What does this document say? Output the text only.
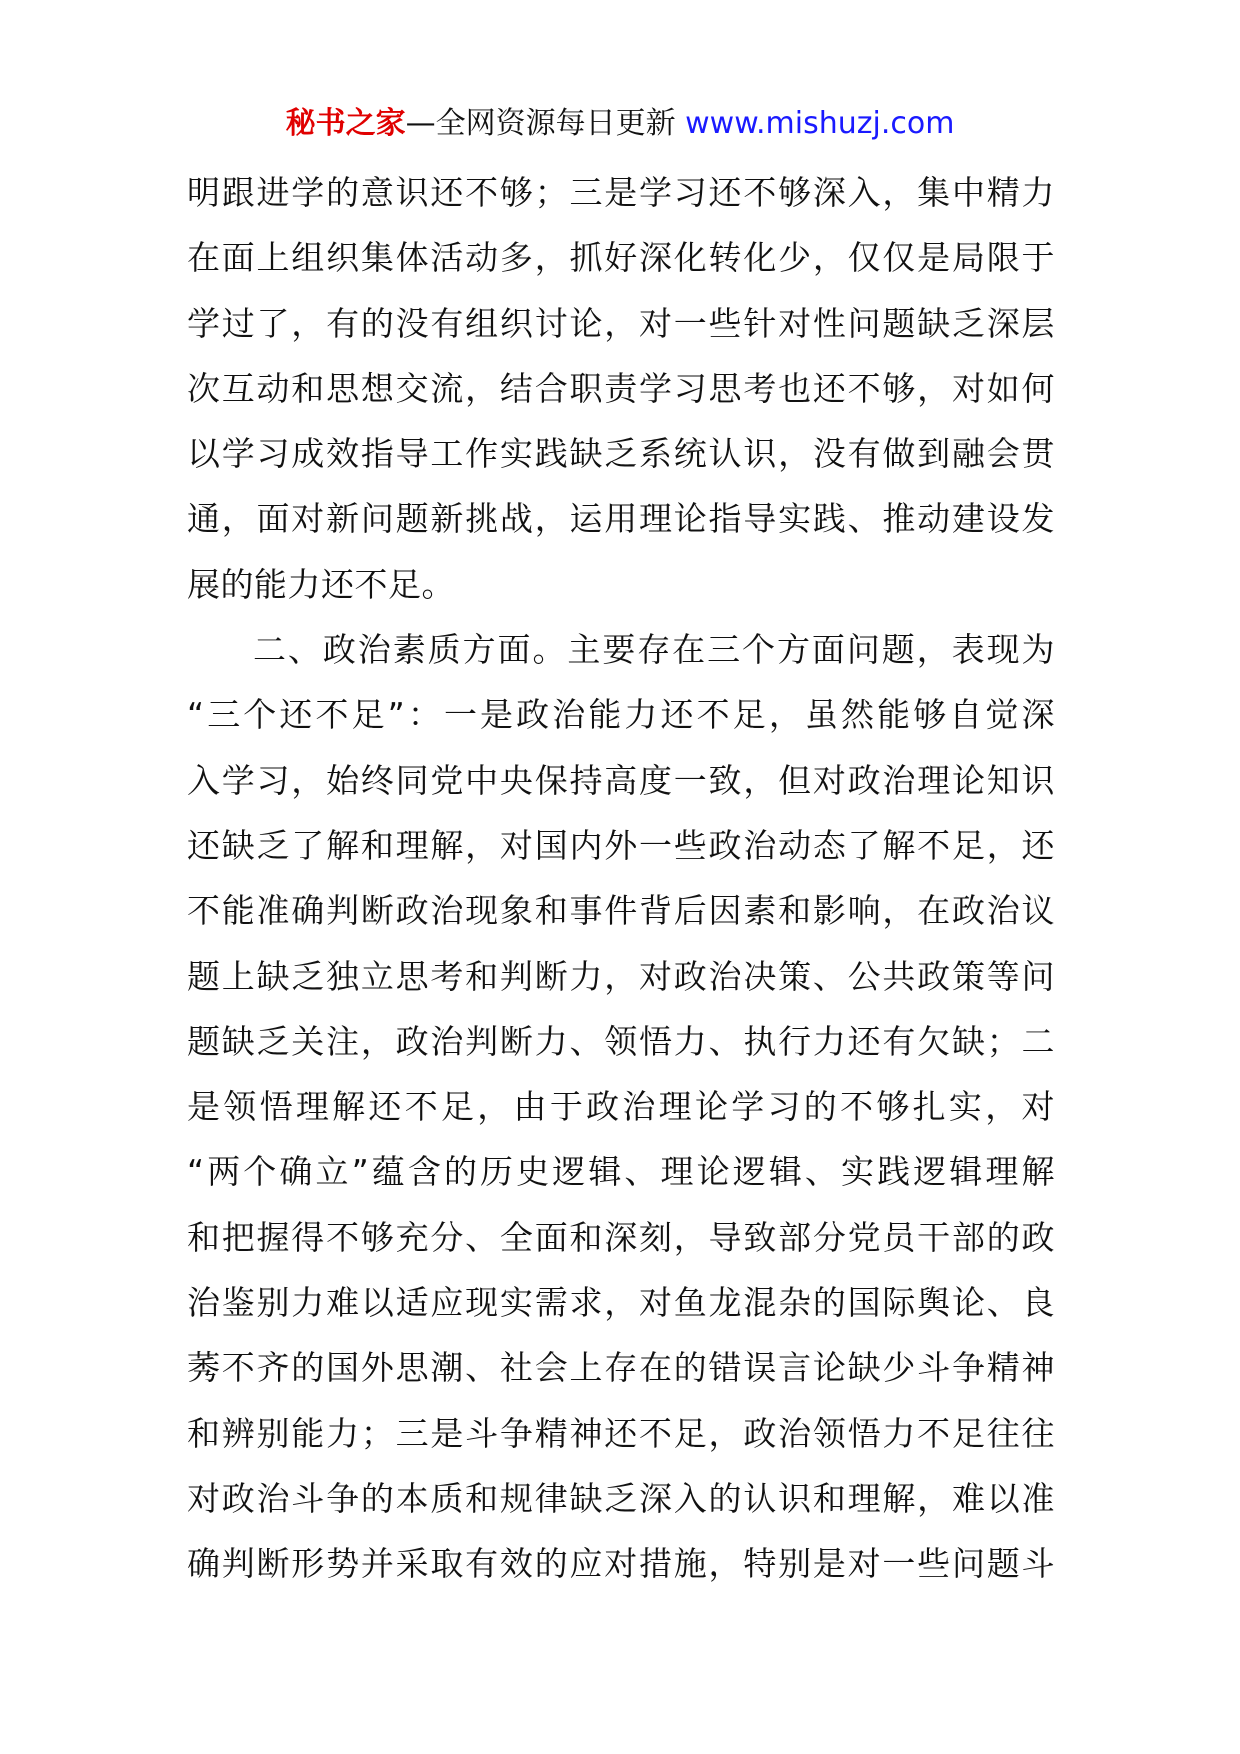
秘书之家—全网资源每日更新 www.mishuzj.com
明跟进学的意识还不够；三是学习还不够深入，集中精力
在面上组织集体活动多，抓好深化转化少，仅仅是局限于
学过了，有的没有组织讨论，对一些针对性问题缺乏深层
次互动和思想交流，结合职责学习思考也还不够，对如何
以学习成效指导工作实践缺乏系统认识，没有做到融会贯
通，面对新问题新挑战，运用理论指导实践、推动建设发
展的能力还不足。
二、政治素质方面。主要存在三个方面问题，表现为
“三个还不足”：一是政治能力还不足，虽然能够自觉深
入学习，始终同党中央保持高度一致，但对政治理论知识
还缺乏了解和理解，对国内外一些政治动态了解不足，还
不能准确判断政治现象和事件背后因素和影响，在政治议
题上缺乏独立思考和判断力，对政治决策、公共政策等问
题缺乏关注，政治判断力、领悟力、执行力还有欠缺；二
是领悟理解还不足，由于政治理论学习的不够扎实，对
“两个确立”蕴含的历史逻辑、理论逻辑、实践逻辑理解
和把握得不够充分、全面和深刻，导致部分党员干部的政
治鉴别力难以适应现实需求，对鱼龙混杂的国际舆论、良
莠不齐的国外思潮、社会上存在的错误言论缺少斗争精神
和辨别能力；三是斗争精神还不足，政治领悟力不足往往
对政治斗争的本质和规律缺乏深入的认识和理解，难以准
确判断形势并采取有效的应对措施，特别是对一些问题斗
